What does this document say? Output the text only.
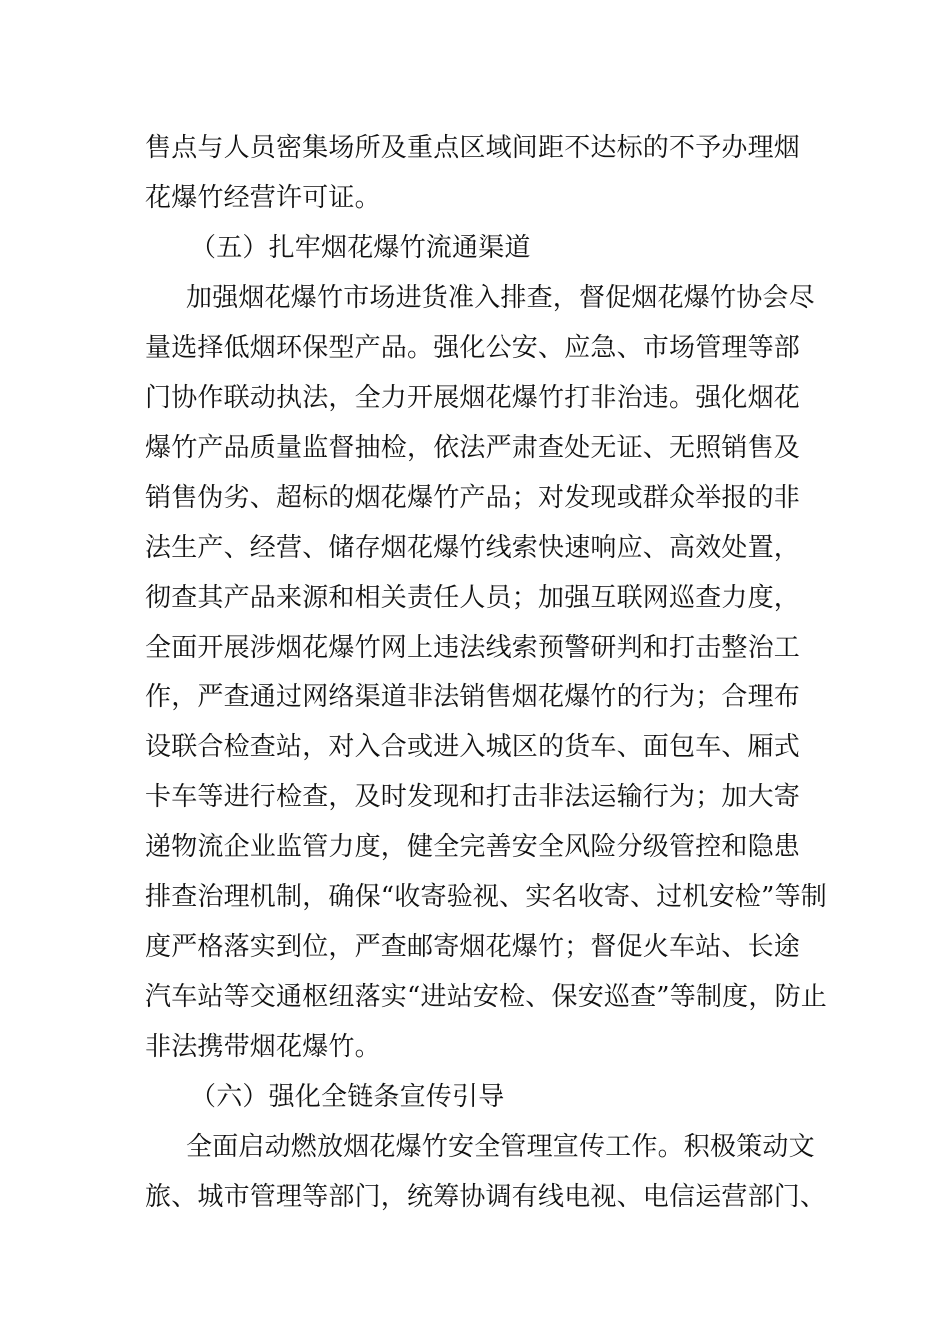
售点与人员密集场所及重点区域间距不达标的不予办理烟
花爆竹经营许可证。
（五）扎牢烟花爆竹流通渠道
加强烟花爆竹市场进货准入排查，督促烟花爆竹协会尽
量选择低烟环保型产品。强化公安、应急、市场管理等部
门协作联动执法，全力开展烟花爆竹打非治违。强化烟花
爆竹产品质量监督抽检，依法严肃查处无证、无照销售及
销售伪劣、超标的烟花爆竹产品；对发现或群众举报的非
法生产、经营、储存烟花爆竹线索快速响应、高效处置，
彻查其产品来源和相关责任人员；加强互联网巡查力度，
全面开展涉烟花爆竹网上违法线索预警研判和打击整治工
作，严查通过网络渠道非法销售烟花爆竹的行为；合理布
设联合检查站，对入合或进入城区的货车、面包车、厢式
卡车等进行检查，及时发现和打击非法运输行为；加大寄
递物流企业监管力度，健全完善安全风险分级管控和隐患
排查治理机制，确保“收寄验视、实名收寄、过机安检”等制
度严格落实到位，严查邮寄烟花爆竹；督促火车站、长途
汽车站等交通枢纽落实“进站安检、保安巡查”等制度，防止
非法携带烟花爆竹。
（六）强化全链条宣传引导
全面启动燃放烟花爆竹安全管理宣传工作。积极策动文
旅、城市管理等部门，统筹协调有线电视、电信运营部门、
